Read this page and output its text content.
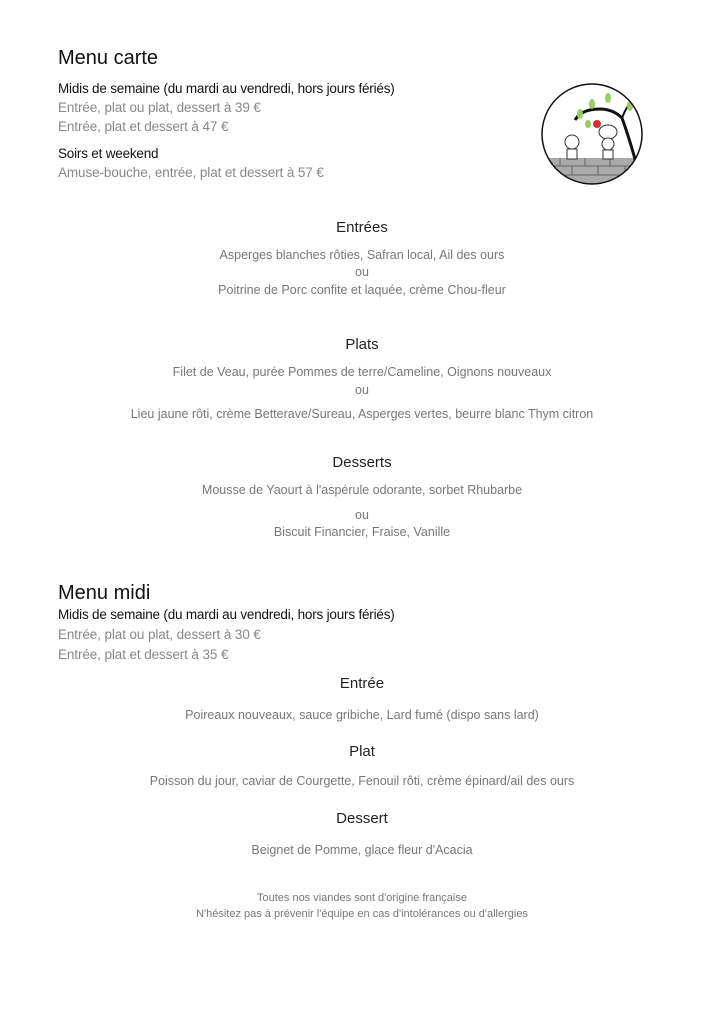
Menu carte
Midis de semaine (du mardi au vendredi, hors jours fériés)
Entrée, plat ou plat, dessert à 39 €
Entrée, plat et dessert à 47 €
Soirs et weekend
Amuse-bouche, entrée, plat et dessert à 57 €
Entrées
Asperges blanches rôties, Safran local, Ail des ours
ou
Poitrine de Porc confite et laquée, crème Chou-fleur
Plats
Filet de Veau, purée Pommes de terre/Cameline, Oignons nouveaux
ou
Lieu jaune rôti, crème Betterave/Sureau, Asperges vertes, beurre blanc Thym citron
Desserts
Mousse de Yaourt à l'aspérule odorante, sorbet Rhubarbe
ou
Biscuit Financier, Fraise, Vanille
Menu midi
Midis de semaine (du mardi au vendredi, hors jours fériés)
Entrée, plat ou plat, dessert à 30 €
Entrée, plat et dessert à 35 €
Entrée
Poireaux nouveaux, sauce gribiche, Lard fumé (dispo sans lard)
Plat
Poisson du jour, caviar de Courgette, Fenouil rôti, crème épinard/ail des ours
Dessert
Beignet de Pomme, glace fleur d'Acacia
Toutes nos viandes sont d'origine française
N'hésitez pas à prévenir l'équipe en cas d'intolérances ou d'allergies
